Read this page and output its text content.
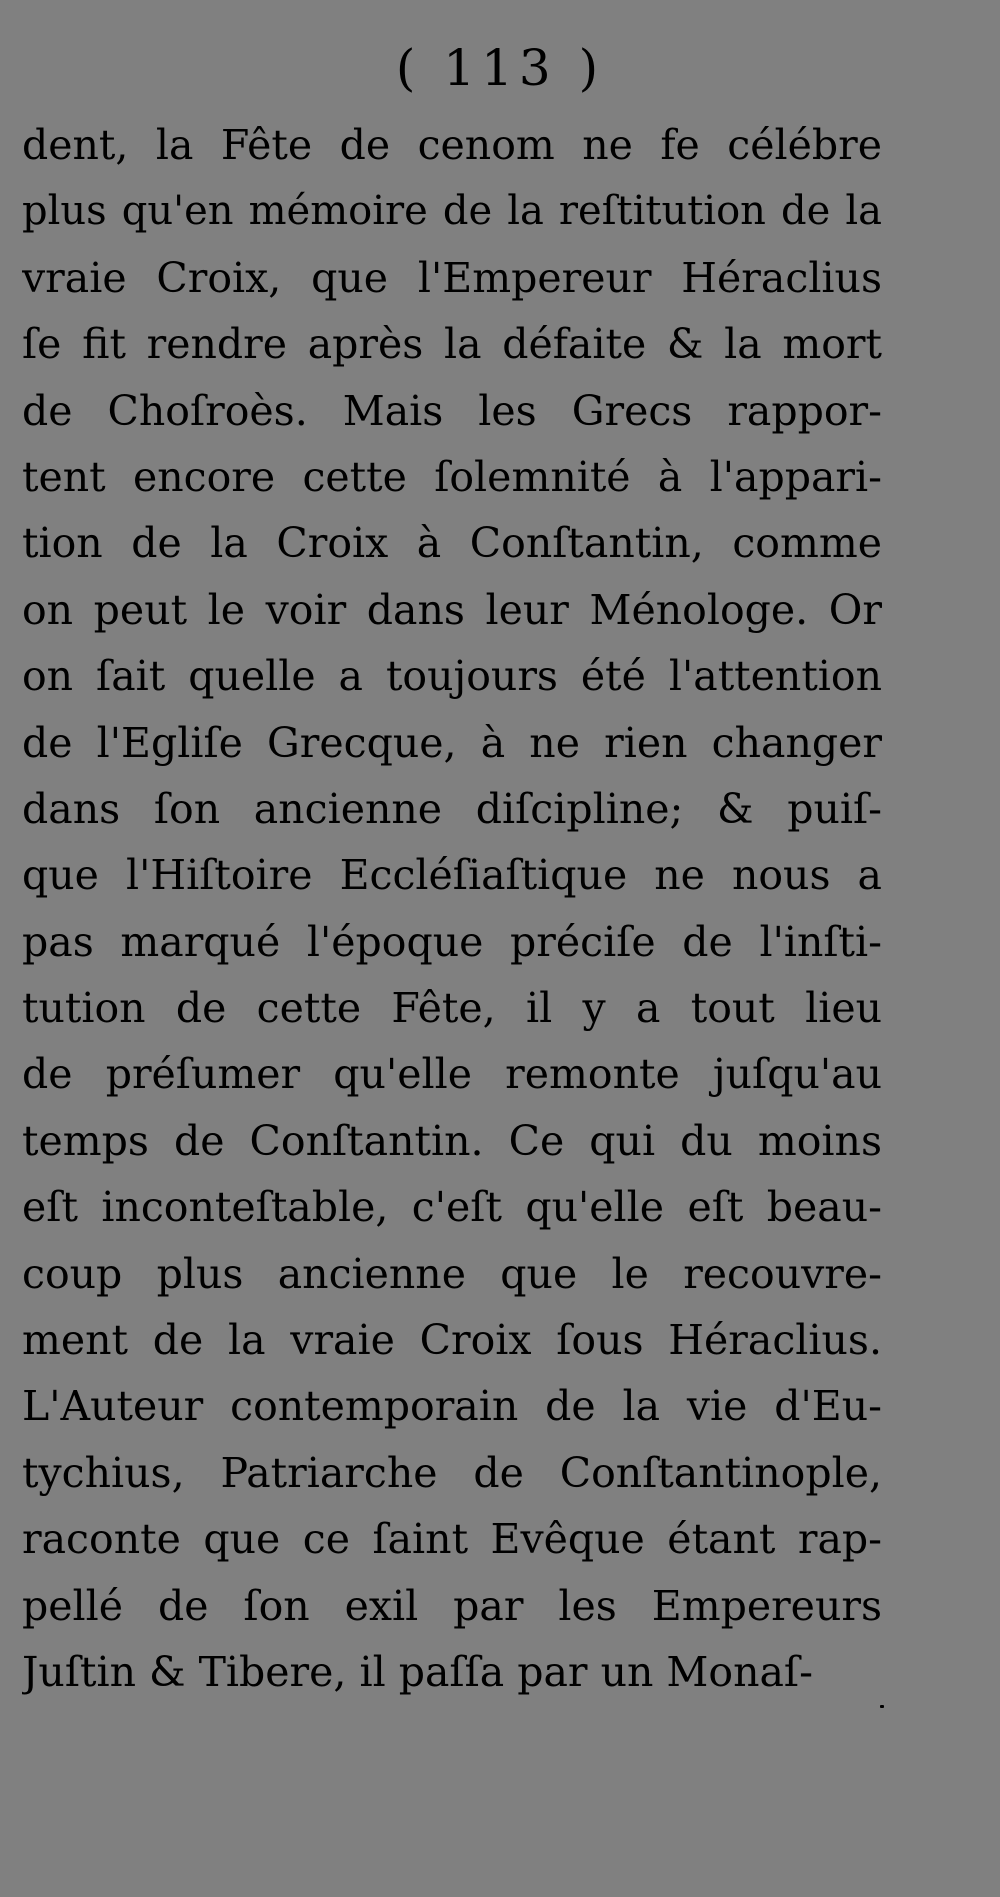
( 113 )
dent, la Fête de cenom ne fe célébre
plus qu'en mémoire de la reſtitution de la
vraie Croix, que l'Empereur Héraclius
ſe fit rendre après la défaite & la mort
de Choſroès. Mais les Grecs rappor-
tent encore cette ſolemnité à l'appari-
tion de la Croix à Conſtantin, comme
on peut le voir dans leur Ménologe. Or
on ſait quelle a toujours été l'attention
de l'Egliſe Grecque, à ne rien changer
dans ſon ancienne diſcipline; & puiſ-
que l'Hiſtoire Eccléſiaſtique ne nous a
pas marqué l'époque préciſe de l'inſti-
tution de cette Fête, il y a tout lieu
de préſumer qu'elle remonte juſqu'au
temps de Conſtantin. Ce qui du moins
eſt inconteſtable, c'eſt qu'elle eſt beau-
coup plus ancienne que le recouvre-
ment de la vraie Croix ſous Héraclius.
L'Auteur contemporain de la vie d'Eu-
tychius, Patriarche de Conſtantinople,
raconte que ce ſaint Evêque étant rap-
pellé de ſon exil par les Empereurs
Juſtin & Tibere, il paſſa par un Monaſ-
